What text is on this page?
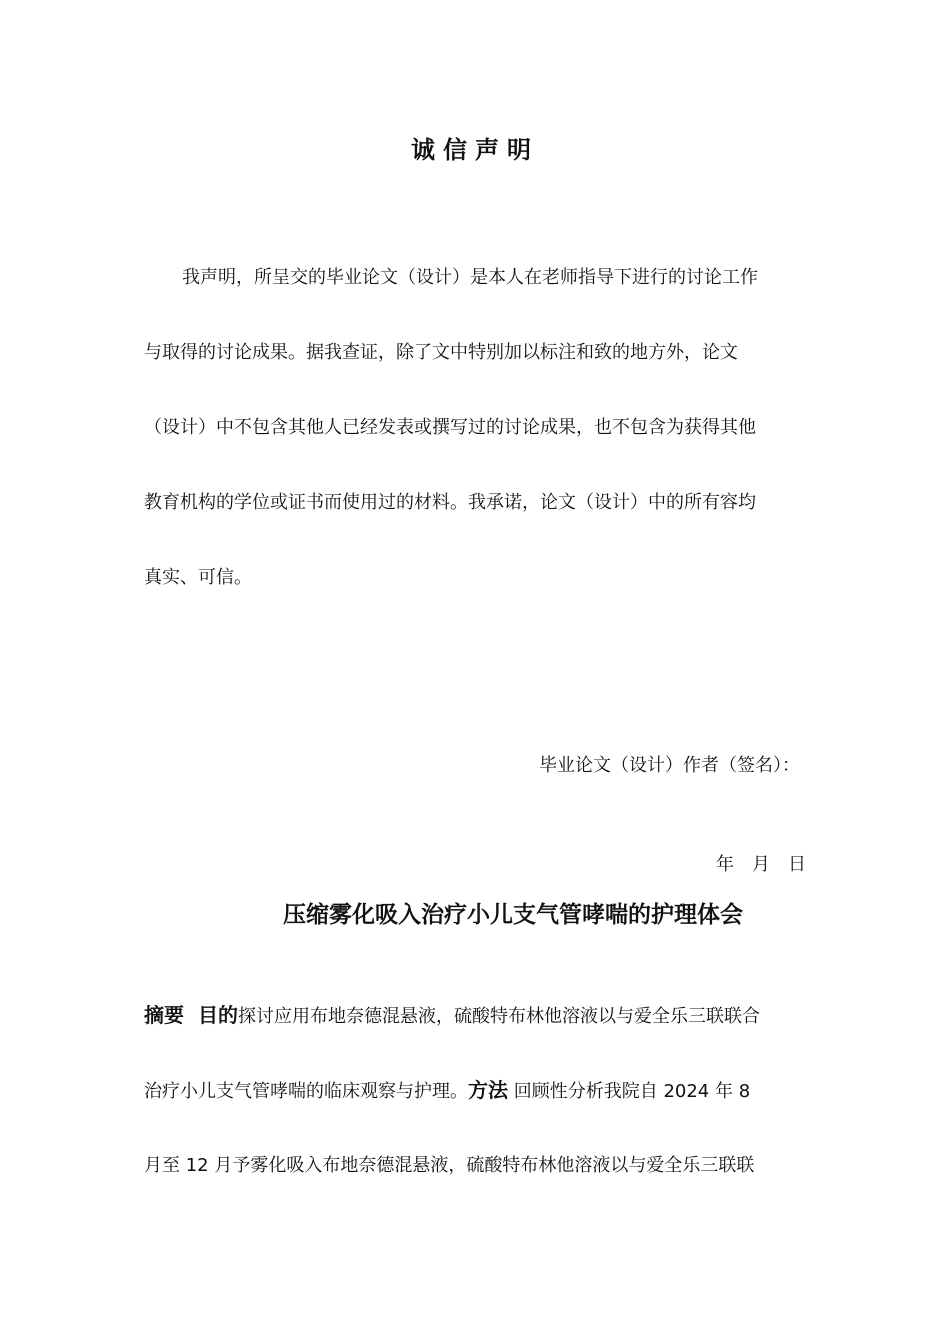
诚信声明
我声明，所呈交的毕业论文（设计）是本人在老师指导下进行的讨论工作
与取得的讨论成果。据我查证，除了文中特别加以标注和致的地方外，论文
（设计）中不包含其他人已经发表或撰写过的讨论成果，也不包含为获得其他
教育机构的学位或证书而使用过的材料。我承诺，论文（设计）中的所有容均
真实、可信。
毕业论文（设计）作者（签名）：
年 月 日
压缩雾化吸入治疗小儿支气管哮喘的护理体会
摘要 目的探讨应用布地奈德混悬液，硫酸特布林他溶液以与爱全乐三联联合
治疗小儿支气管哮喘的临床观察与护理。方法 回顾性分析我院自 2024 年 8
月至 12 月予雾化吸入布地奈德混悬液，硫酸特布林他溶液以与爱全乐三联联
